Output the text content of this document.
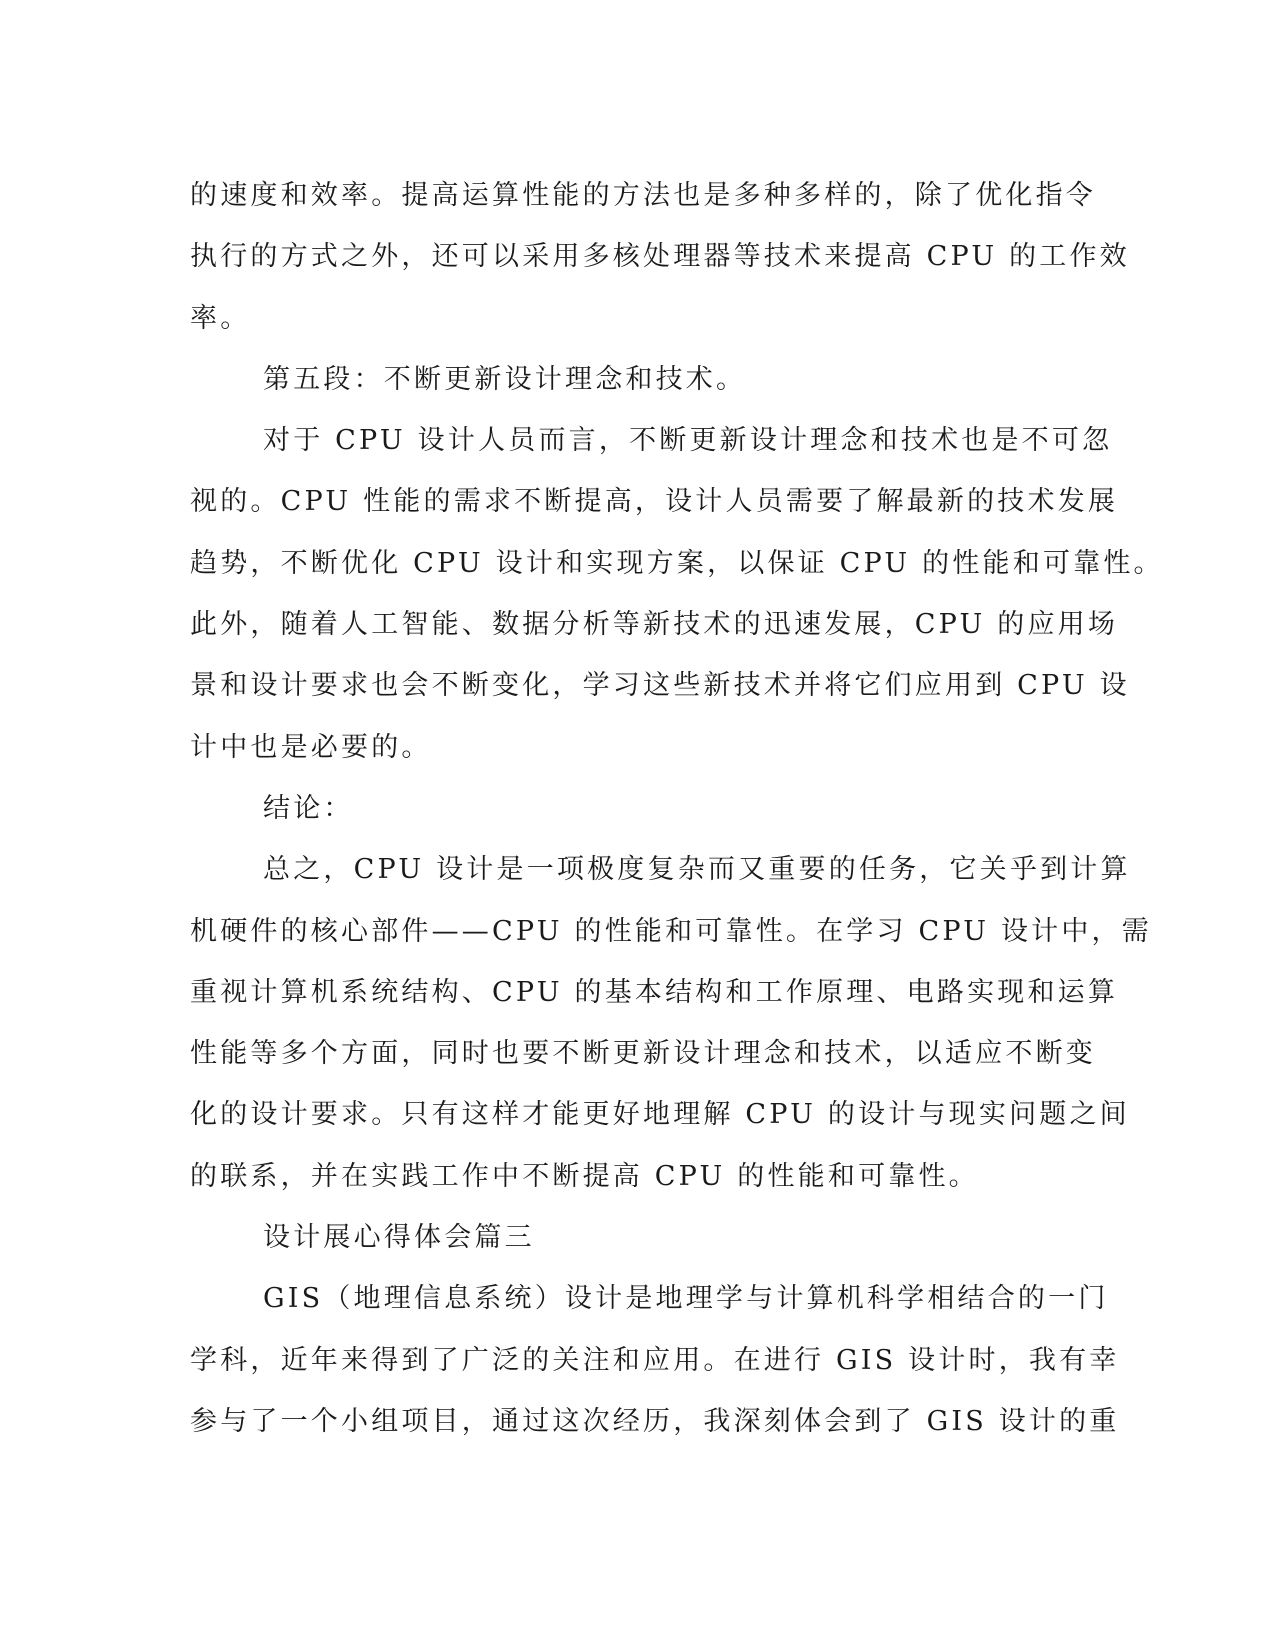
的速度和效率。提高运算性能的方法也是多种多样的，除了优化指令
执行的方式之外，还可以采用多核处理器等技术来提高 CPU 的工作效
率。
第五段：不断更新设计理念和技术。
对于 CPU 设计人员而言，不断更新设计理念和技术也是不可忽
视的。CPU 性能的需求不断提高，设计人员需要了解最新的技术发展
趋势，不断优化 CPU 设计和实现方案，以保证 CPU 的性能和可靠性。
此外，随着人工智能、数据分析等新技术的迅速发展，CPU 的应用场
景和设计要求也会不断变化，学习这些新技术并将它们应用到 CPU 设
计中也是必要的。
结论：
总之，CPU 设计是一项极度复杂而又重要的任务，它关乎到计算
机硬件的核心部件——CPU 的性能和可靠性。在学习 CPU 设计中，需
重视计算机系统结构、CPU 的基本结构和工作原理、电路实现和运算
性能等多个方面，同时也要不断更新设计理念和技术，以适应不断变
化的设计要求。只有这样才能更好地理解 CPU 的设计与现实问题之间
的联系，并在实践工作中不断提高 CPU 的性能和可靠性。
设计展心得体会篇三
GIS（地理信息系统）设计是地理学与计算机科学相结合的一门
学科，近年来得到了广泛的关注和应用。在进行 GIS 设计时，我有幸
参与了一个小组项目，通过这次经历，我深刻体会到了 GIS 设计的重
